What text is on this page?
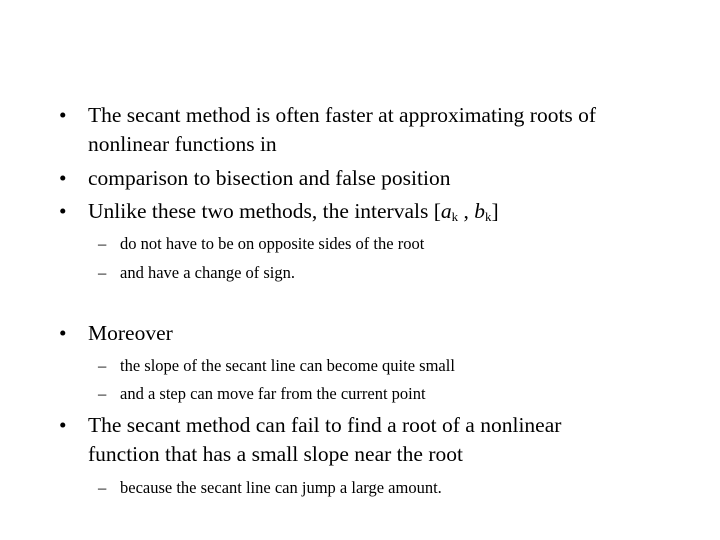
• The secant method is often faster at approximating roots of
nonlinear functions in
• comparison to bisection and false position
• Unlike these two methods, the intervals [$a_k$ , $b_k$]
– do not have to be on opposite sides of the root
– and have a change of sign.
• Moreover
– the slope of the secant line can become quite small
– and a step can move far from the current point
• The secant method can fail to find a root of a nonlinear
function that has a small slope near the root
– because the secant line can jump a large amount.
